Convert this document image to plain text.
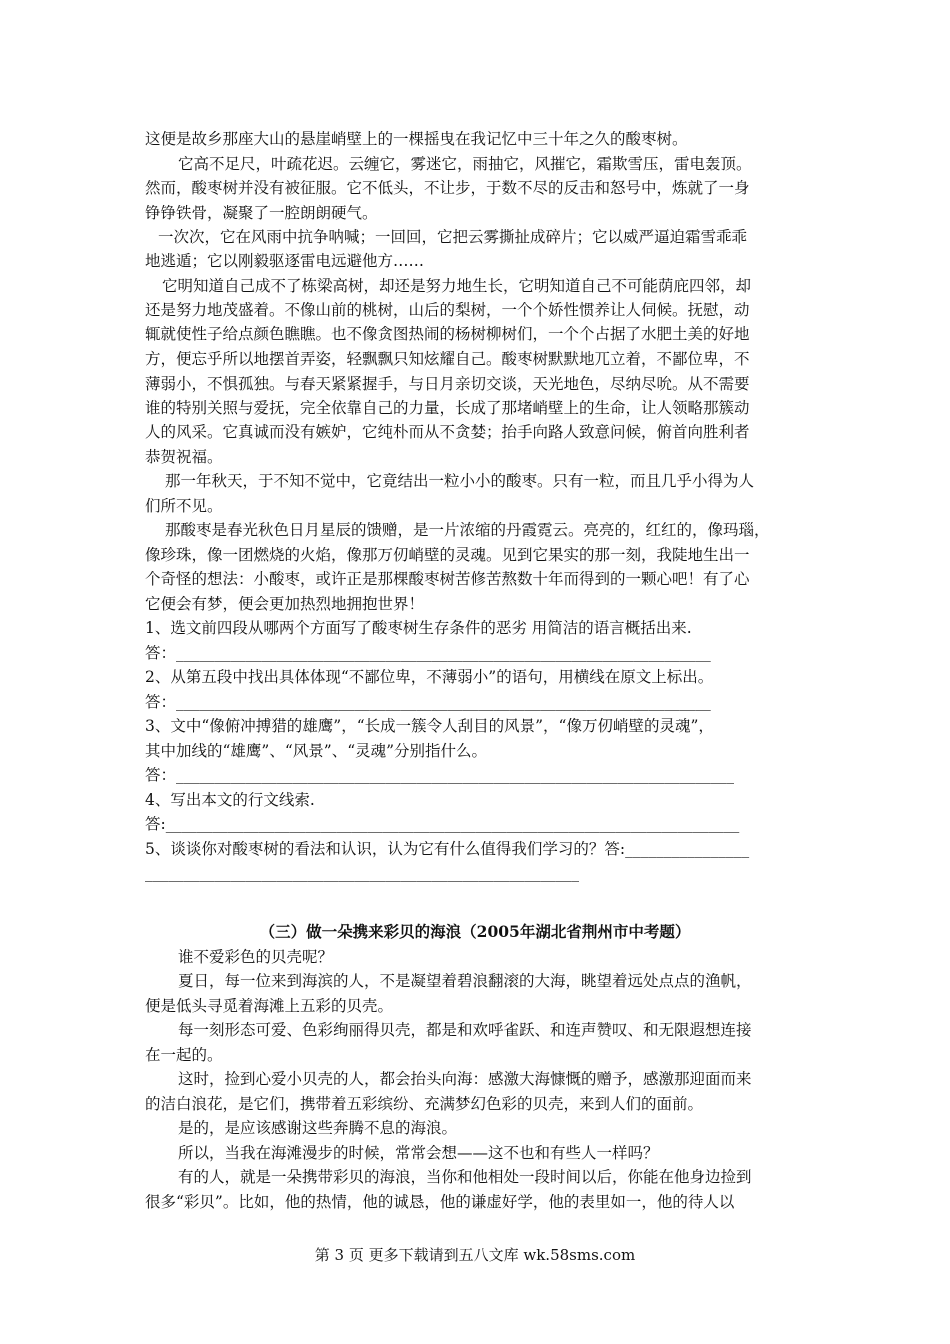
这便是故乡那座大山的悬崖峭壁上的一棵摇曳在我记忆中三十年之久的酸枣树。

它高不足尺，叶疏花迟。云缠它，雾迷它，雨抽它，风摧它，霜欺雪压，雷电轰顶。

然而，酸枣树并没有被征服。它不低头，不让步，于数不尽的反击和怒号中，炼就了一身

铮铮铁骨，凝聚了一腔朗朗硬气。

一次次，它在风雨中抗争呐喊；一回回，它把云雾撕扯成碎片；它以威严逼迫霜雪乖乖

地逃遁；它以刚毅驱逐雷电远避他方……

它明知道自己成不了栋梁高树，却还是努力地生长，它明知道自己不可能荫庇四邻，却

还是努力地茂盛着。不像山前的桃树，山后的梨树，一个个娇性惯养让人伺候。抚慰，动

辄就使性子给点颜色瞧瞧。也不像贪图热闹的杨树柳树们，一个个占据了水肥土美的好地

方，便忘乎所以地摆首弄姿，轻飘飘只知炫耀自己。酸枣树默默地兀立着，不鄙位卑，不

薄弱小，不惧孤独。与春天紧紧握手，与日月亲切交谈，天光地色，尽纳尽吮。从不需要

谁的特别关照与爱抚，完全依靠自己的力量，长成了那堵峭壁上的生命，让人领略那簇动

人的风采。它真诚而没有嫉妒，它纯朴而从不贪婪；抬手向路人致意问候，俯首向胜利者

恭贺祝福。

那一年秋天，于不知不觉中，它竟结出一粒小小的酸枣。只有一粒，而且几乎小得为人

们所不见。

那酸枣是春光秋色日月星辰的馈赠，是一片浓缩的丹霞霓云。亮亮的，红红的，像玛瑙，

像珍珠，像一团燃烧的火焰，像那万仞峭壁的灵魂。见到它果实的那一刻，我陡地生出一

个奇怪的想法：小酸枣，或许正是那棵酸枣树苦修苦熬数十年而得到的一颗心吧！有了心

它便会有梦，便会更加热烈地拥抱世界！

1、选文前四段从哪两个方面写了酸枣树生存条件的恶劣 用简洁的语言概括出来.

答：_____________________________________________________________________

2、从第五段中找出具体体现“不鄙位卑，不薄弱小”的语句，用横线在原文上标出。

答：_____________________________________________________________________

3、文中“像俯冲搏猎的雄鹰”，“长成一簇令人刮目的风景”，“像万仞峭壁的灵魂”，

其中加线的“雄鹰”、“风景”、“灵魂”分别指什么。

答：________________________________________________________________________

4、写出本文的行文线索.

答:__________________________________________________________________________

5、谈谈你对酸枣树的看法和认识，认为它有什么值得我们学习的？答:________________

________________________________________________________

（三）做一朵携来彩贝的海浪（2005年湖北省荆州市中考题）

谁不爱彩色的贝壳呢？

夏日，每一位来到海滨的人，不是凝望着碧浪翻滚的大海，眺望着远处点点的渔帆，

便是低头寻觅着海滩上五彩的贝壳。

每一刻形态可爱、色彩绚丽得贝壳，都是和欢呼雀跃、和连声赞叹、和无限遐想连接

在一起的。

这时，捡到心爱小贝壳的人，都会抬头向海：感激大海慷慨的赠予，感激那迎面而来

的洁白浪花，是它们，携带着五彩缤纷、充满梦幻色彩的贝壳，来到人们的面前。

是的，是应该感谢这些奔腾不息的海浪。

所以，当我在海滩漫步的时候，常常会想——这不也和有些人一样吗？

有的人，就是一朵携带彩贝的海浪，当你和他相处一段时间以后，你能在他身边捡到

很多“彩贝”。比如，他的热情，他的诚恳，他的谦虚好学，他的表里如一，他的待人以

第 3 页 更多下载请到五八文库 wk.58sms.com
